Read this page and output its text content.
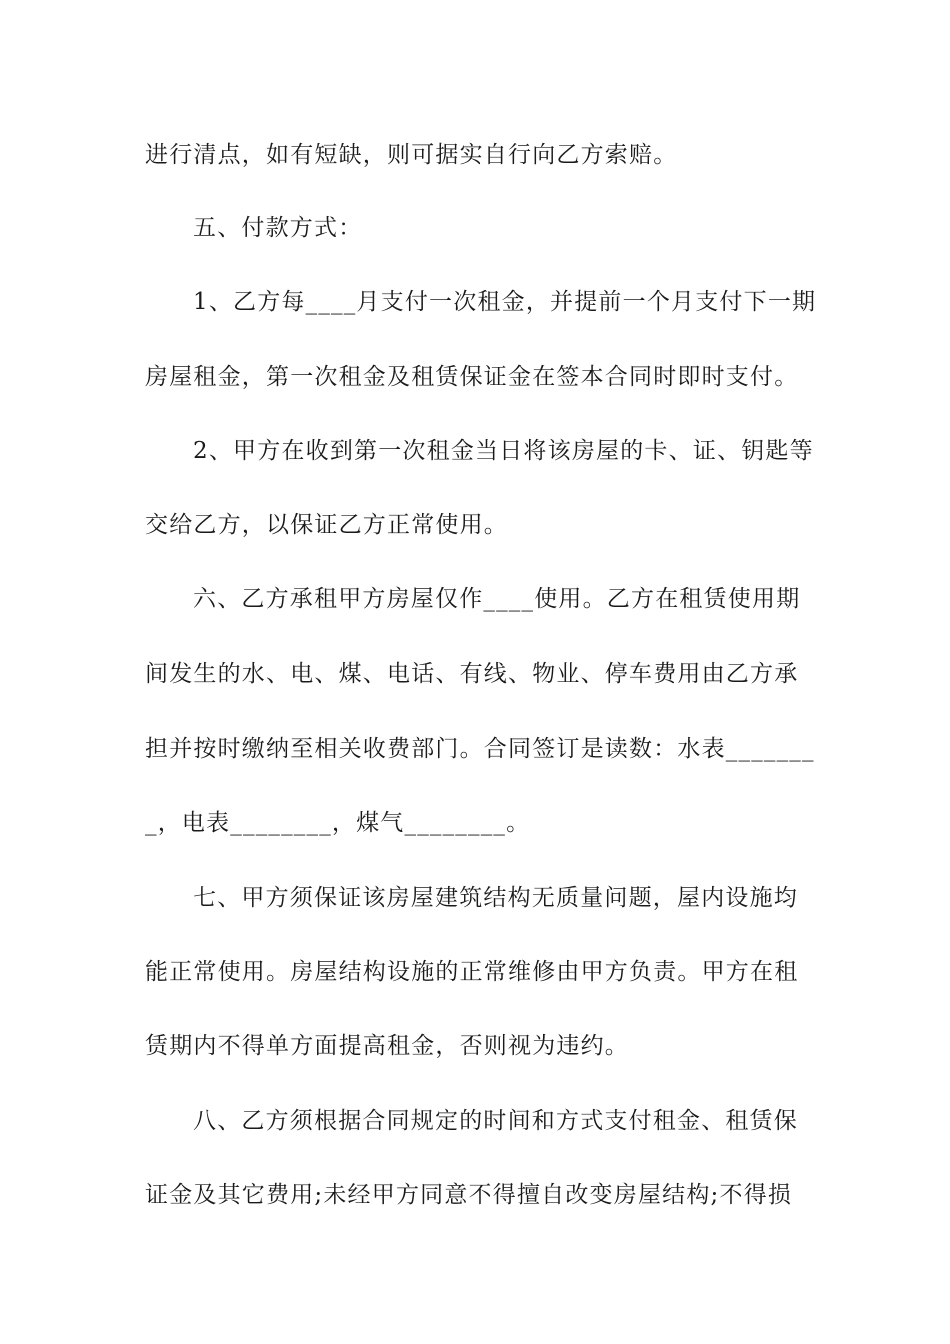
进行清点，如有短缺，则可据实自行向乙方索赔。
五、付款方式：
1、乙方每____月支付一次租金，并提前一个月支付下一期
房屋租金，第一次租金及租赁保证金在签本合同时即时支付。
2、甲方在收到第一次租金当日将该房屋的卡、证、钥匙等
交给乙方，以保证乙方正常使用。
六、乙方承租甲方房屋仅作____使用。乙方在租赁使用期
间发生的水、电、煤、电话、有线、物业、停车费用由乙方承
担并按时缴纳至相关收费部门。合同签订是读数：水表_______
_，电表________，煤气________。
七、甲方须保证该房屋建筑结构无质量问题，屋内设施均
能正常使用。房屋结构设施的正常维修由甲方负责。甲方在租
赁期内不得单方面提高租金，否则视为违约。
八、乙方须根据合同规定的时间和方式支付租金、租赁保
证金及其它费用;未经甲方同意不得擅自改变房屋结构;不得损
